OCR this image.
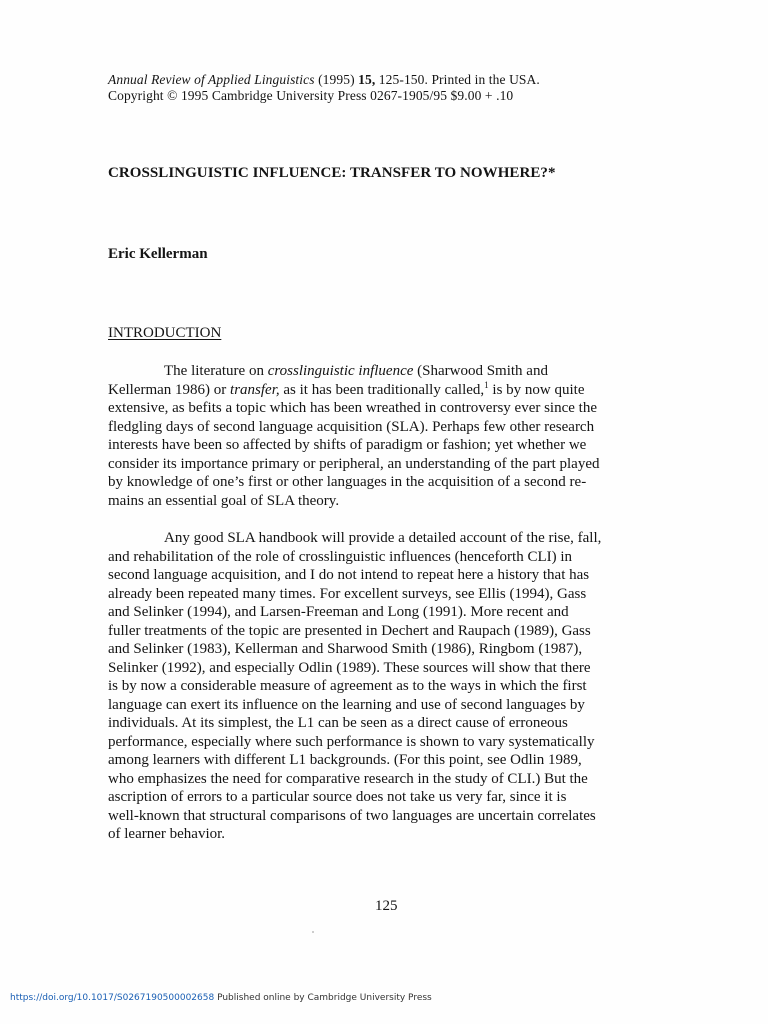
Annual Review of Applied Linguistics (1995) 15, 125-150. Printed in the USA.
Copyright © 1995 Cambridge University Press 0267-1905/95 $9.00 + .10
CROSSLINGUISTIC INFLUENCE: TRANSFER TO NOWHERE?*
Eric Kellerman
INTRODUCTION
The literature on crosslinguistic influence (Sharwood Smith and
Kellerman 1986) or transfer, as it has been traditionally called,$^1$ is by now quite
extensive, as befits a topic which has been wreathed in controversy ever since the
fledgling days of second language acquisition (SLA). Perhaps few other research
interests have been so affected by shifts of paradigm or fashion; yet whether we
consider its importance primary or peripheral, an understanding of the part played
by knowledge of one’s first or other languages in the acquisition of a second re-
mains an essential goal of SLA theory.
Any good SLA handbook will provide a detailed account of the rise, fall,
and rehabilitation of the role of crosslinguistic influences (henceforth CLI) in
second language acquisition, and I do not intend to repeat here a history that has
already been repeated many times. For excellent surveys, see Ellis (1994), Gass
and Selinker (1994), and Larsen-Freeman and Long (1991). More recent and
fuller treatments of the topic are presented in Dechert and Raupach (1989), Gass
and Selinker (1983), Kellerman and Sharwood Smith (1986), Ringbom (1987),
Selinker (1992), and especially Odlin (1989). These sources will show that there
is by now a considerable measure of agreement as to the ways in which the first
language can exert its influence on the learning and use of second languages by
individuals. At its simplest, the L1 can be seen as a direct cause of erroneous
performance, especially where such performance is shown to vary systematically
among learners with different L1 backgrounds. (For this point, see Odlin 1989,
who emphasizes the need for comparative research in the study of CLI.) But the
ascription of errors to a particular source does not take us very far, since it is
well-known that structural comparisons of two languages are uncertain correlates
of learner behavior.
125
https://doi.org/10.1017/S0267190500002658 Published online by Cambridge University Press
